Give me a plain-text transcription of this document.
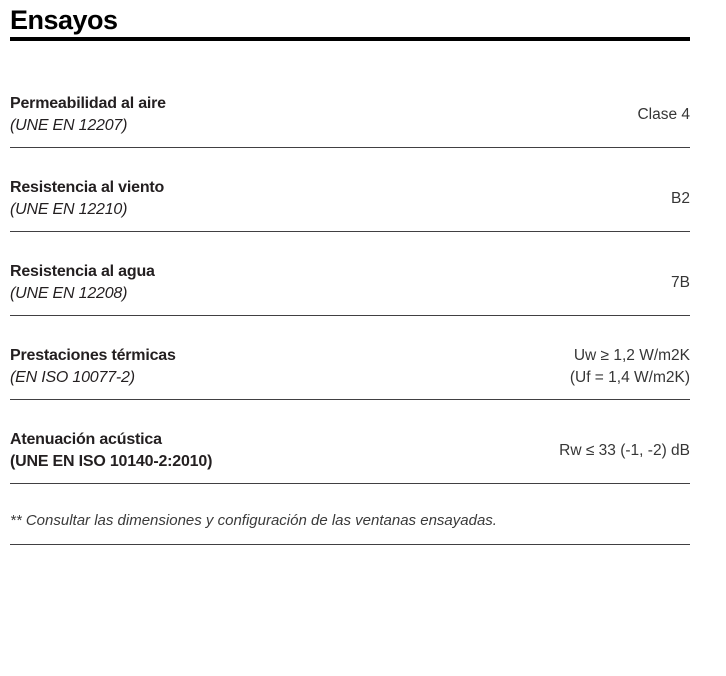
Ensayos
Permeabilidad al aire
(UNE EN 12207)
Clase 4
Resistencia al viento
(UNE EN 12210)
B2
Resistencia al agua
(UNE EN 12208)
7B
Prestaciones térmicas
(EN ISO 10077-2)
Uw ≥ 1,2 W/m2K
(Uf = 1,4 W/m2K)
Atenuación acústica
(UNE EN ISO 10140-2:2010)
Rw ≤ 33 (-1, -2) dB
** Consultar las dimensiones y configuración de las ventanas ensayadas.
